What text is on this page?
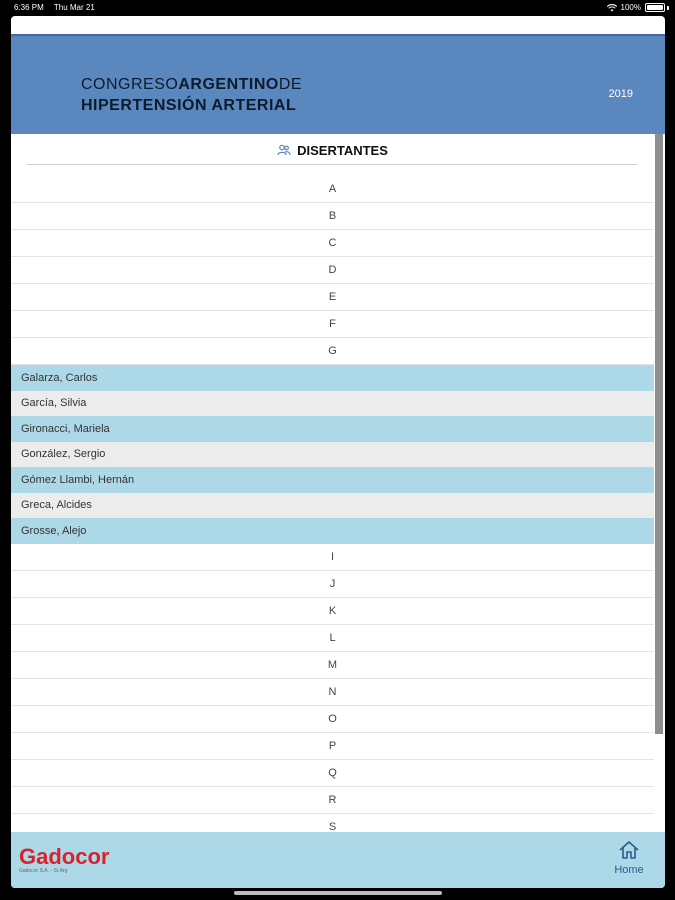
6:36 PM Thu Mar 21	100%
CONGRESOARGENTINODE
HIPERTENSIÓN ARTERIAL
2019
DISERTANTES
A
B
C
D
E
F
G
Galarza, Carlos
García, Silvia
Gironacci, Mariela
González, Sergio
Gómez Llambi, Hernán
Greca, Alcides
Grosse, Alejo
I
J
K
L
M
N
O
P
Q
R
S
Gadocor
Gadocor S.A. - Sr.Arg	Home
